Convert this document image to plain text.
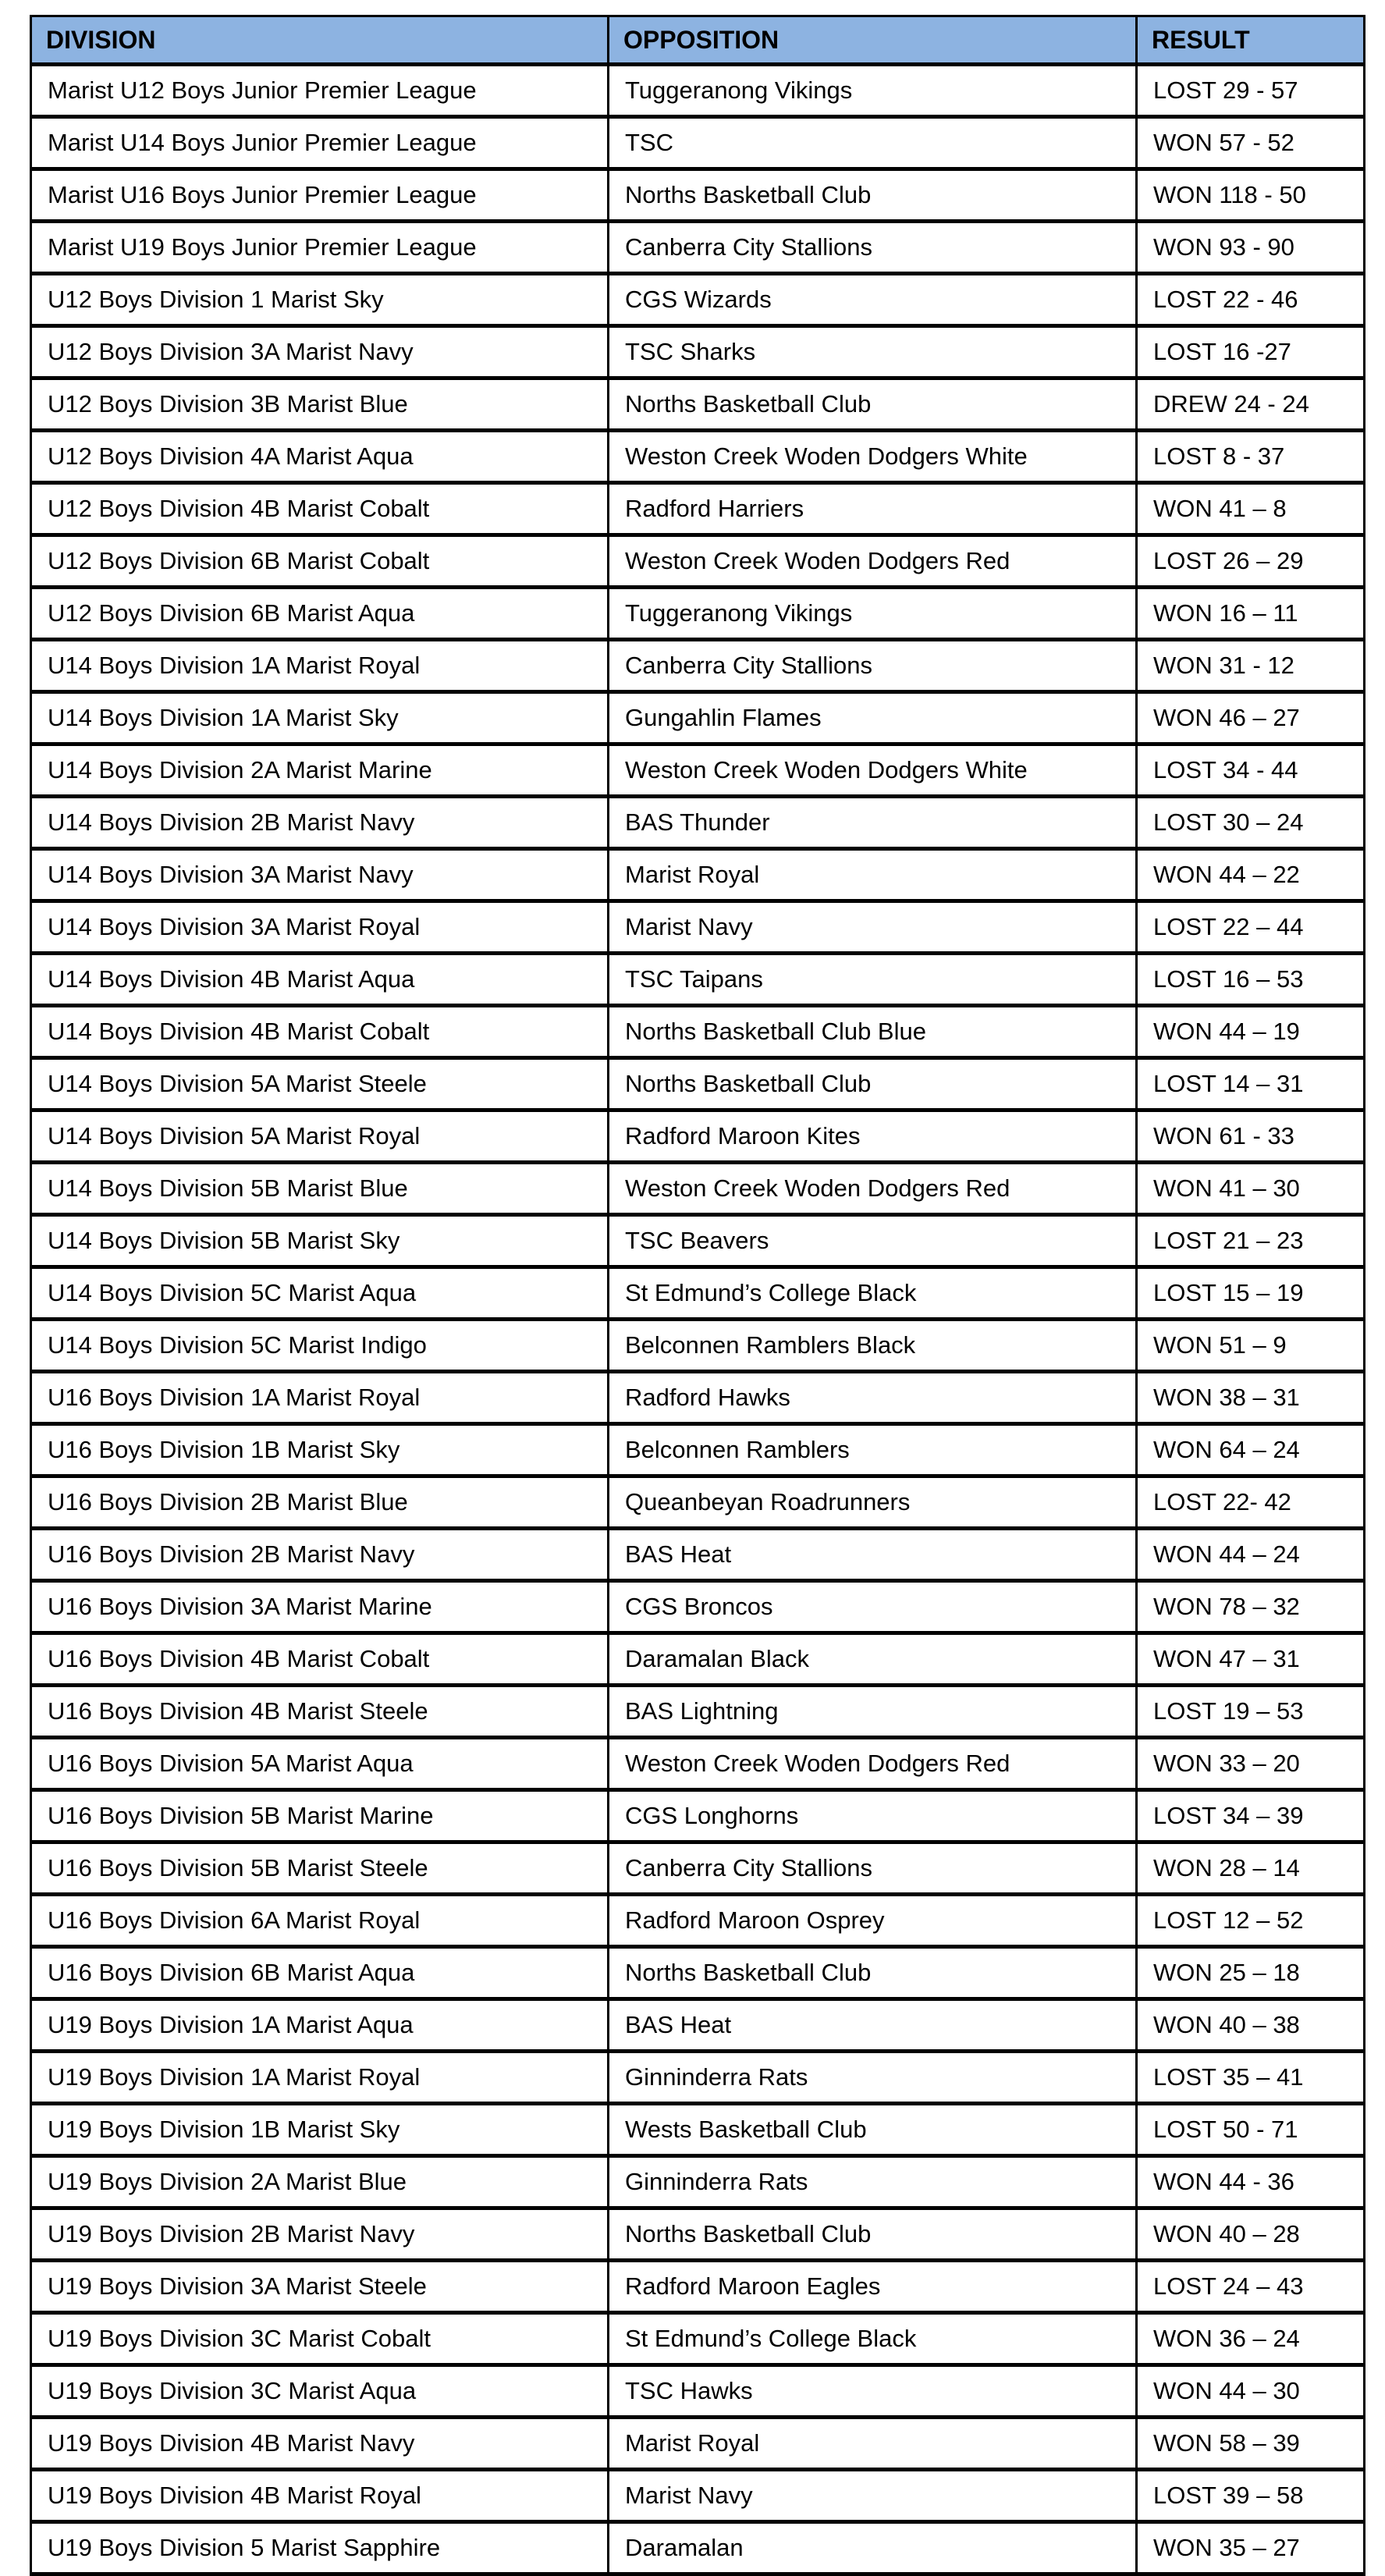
DIVISION	OPPOSITION	RESULT
Marist U12 Boys Junior Premier League	Tuggeranong Vikings	LOST 29 - 57
Marist U14 Boys Junior Premier League	TSC	WON 57 - 52
Marist U16 Boys Junior Premier League	Norths Basketball Club	WON 118 - 50
Marist U19 Boys Junior Premier League	Canberra City Stallions	WON 93 - 90
U12 Boys Division 1 Marist Sky	CGS Wizards	LOST 22 - 46
U12 Boys Division 3A Marist Navy	TSC Sharks	LOST 16 -27
U12 Boys Division 3B Marist Blue	Norths Basketball Club	DREW 24 - 24
U12 Boys Division 4A Marist Aqua	Weston Creek Woden Dodgers White	LOST 8 - 37
U12 Boys Division 4B Marist Cobalt	Radford Harriers	WON 41 – 8
U12 Boys Division 6B Marist Cobalt	Weston Creek Woden Dodgers Red	LOST 26 – 29
U12 Boys Division 6B Marist Aqua	Tuggeranong Vikings	WON 16 – 11
U14 Boys Division 1A Marist Royal	Canberra City Stallions	WON 31 - 12
U14 Boys Division 1A Marist Sky	Gungahlin Flames	WON 46 – 27
U14 Boys Division 2A Marist Marine	Weston Creek Woden Dodgers White	LOST 34 - 44
U14 Boys Division 2B Marist Navy	BAS Thunder	LOST 30 – 24
U14 Boys Division 3A Marist Navy	Marist Royal	WON 44 – 22
U14 Boys Division 3A Marist Royal	Marist Navy	LOST 22 – 44
U14 Boys Division 4B Marist Aqua	TSC Taipans	LOST 16 – 53
U14 Boys Division 4B Marist Cobalt	Norths Basketball Club Blue	WON 44 – 19
U14 Boys Division 5A Marist Steele	Norths Basketball Club	LOST 14 – 31
U14 Boys Division 5A Marist Royal	Radford Maroon Kites	WON 61 - 33
U14 Boys Division 5B Marist Blue	Weston Creek Woden Dodgers Red	WON 41 – 30
U14 Boys Division 5B Marist Sky	TSC Beavers	LOST 21 – 23
U14 Boys Division 5C Marist Aqua	St Edmund’s College Black	LOST 15 – 19
U14 Boys Division 5C Marist Indigo	Belconnen Ramblers Black	WON 51 – 9
U16 Boys Division 1A Marist Royal	Radford Hawks	WON 38 – 31
U16 Boys Division 1B Marist Sky	Belconnen Ramblers	WON 64 – 24
U16 Boys Division 2B Marist Blue	Queanbeyan Roadrunners	LOST 22- 42
U16 Boys Division 2B Marist Navy	BAS Heat	WON 44 – 24
U16 Boys Division 3A Marist Marine	CGS Broncos	WON 78 – 32
U16 Boys Division 4B Marist Cobalt	Daramalan Black	WON 47 – 31
U16 Boys Division 4B Marist Steele	BAS Lightning	LOST 19 – 53
U16 Boys Division 5A Marist Aqua	Weston Creek Woden Dodgers Red	WON 33 – 20
U16 Boys Division 5B Marist Marine	CGS Longhorns	LOST 34 – 39
U16 Boys Division 5B Marist Steele	Canberra City Stallions	WON 28 – 14
U16 Boys Division 6A Marist Royal	Radford Maroon Osprey	LOST 12 – 52
U16 Boys Division 6B Marist Aqua	Norths Basketball Club	WON 25 – 18
U19 Boys Division 1A Marist Aqua	BAS Heat	WON 40 – 38
U19 Boys Division 1A Marist Royal	Ginninderra Rats	LOST 35 – 41
U19 Boys Division 1B Marist Sky	Wests Basketball Club	LOST 50 - 71
U19 Boys Division 2A Marist Blue	Ginninderra Rats	WON 44 - 36
U19 Boys Division 2B Marist Navy	Norths Basketball Club	WON 40 – 28
U19 Boys Division 3A Marist Steele	Radford Maroon Eagles	LOST 24 – 43
U19 Boys Division 3C Marist Cobalt	St Edmund’s College Black	WON 36 – 24
U19 Boys Division 3C Marist Aqua	TSC Hawks	WON 44 – 30
U19 Boys Division 4B Marist Navy	Marist Royal	WON 58 – 39
U19 Boys Division 4B Marist Royal	Marist Navy	LOST 39 – 58
U19 Boys Division 5 Marist Sapphire	Daramalan	WON 35 – 27
